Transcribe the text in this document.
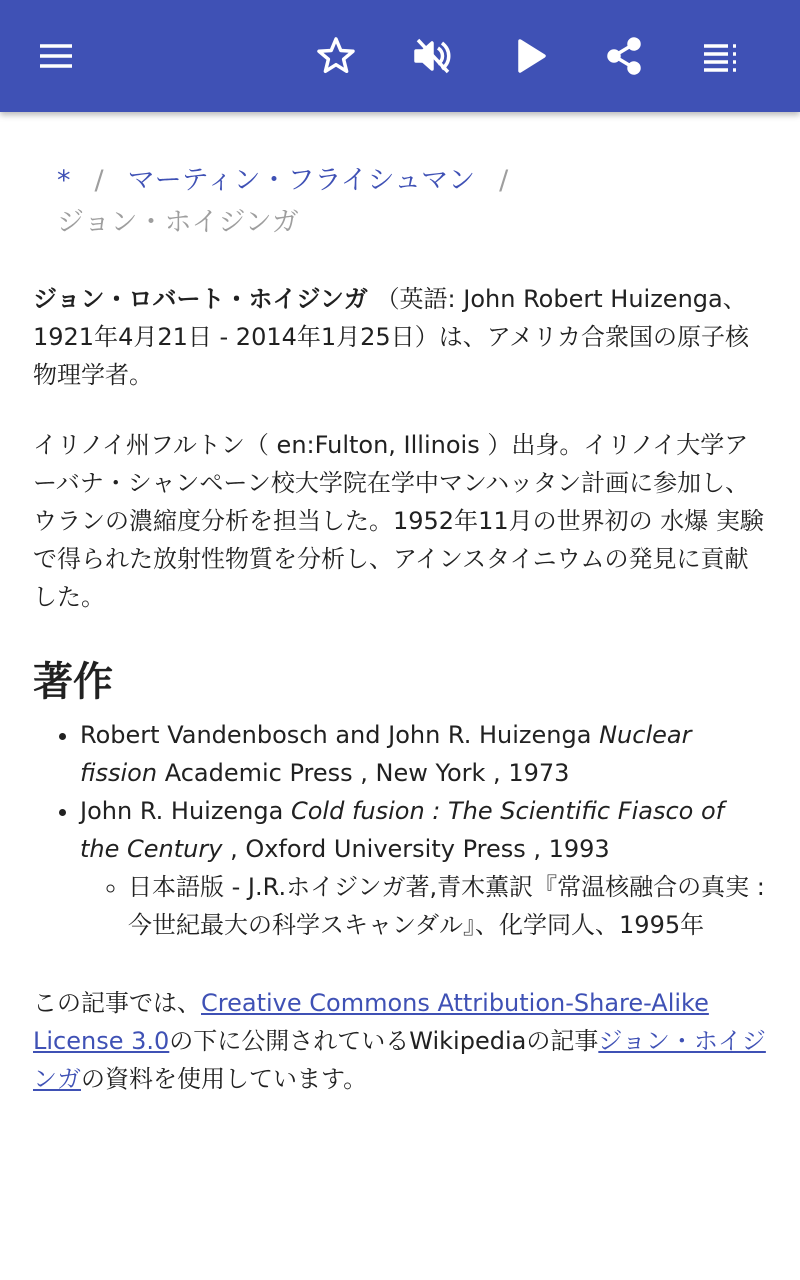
* / マーティン・フライシュマン /
ジョン・ホイジンガ

ジョン・ロバート・ホイジンガ （英語: John Robert Huizenga、1921年4月21日 - 2014年1月25日）は、アメリカ合衆国の原子核物理学者。

イリノイ州フルトン（ en:Fulton, Illinois ）出身。イリノイ大学アーバナ・シャンペーン校大学院在学中マンハッタン計画に参加し、ウランの濃縮度分析を担当した。1952年11月の世界初の 水爆 実験で得られた放射性物質を分析し、アインスタイニウムの発見に貢献した。

著作
• Robert Vandenbosch and John R. Huizenga Nuclear fission Academic Press , New York , 1973
• John R. Huizenga Cold fusion : The Scientific Fiasco of the Century , Oxford University Press , 1993
◦ 日本語版 - J.R.ホイジンガ著,青木薫訳『常温核融合の真実 : 今世紀最大の科学スキャンダル』、化学同人、1995年

この記事では、Creative Commons Attribution-Share-Alike License 3.0の下に公開されているWikipediaの記事ジョン・ホイジンガの資料を使用しています。
